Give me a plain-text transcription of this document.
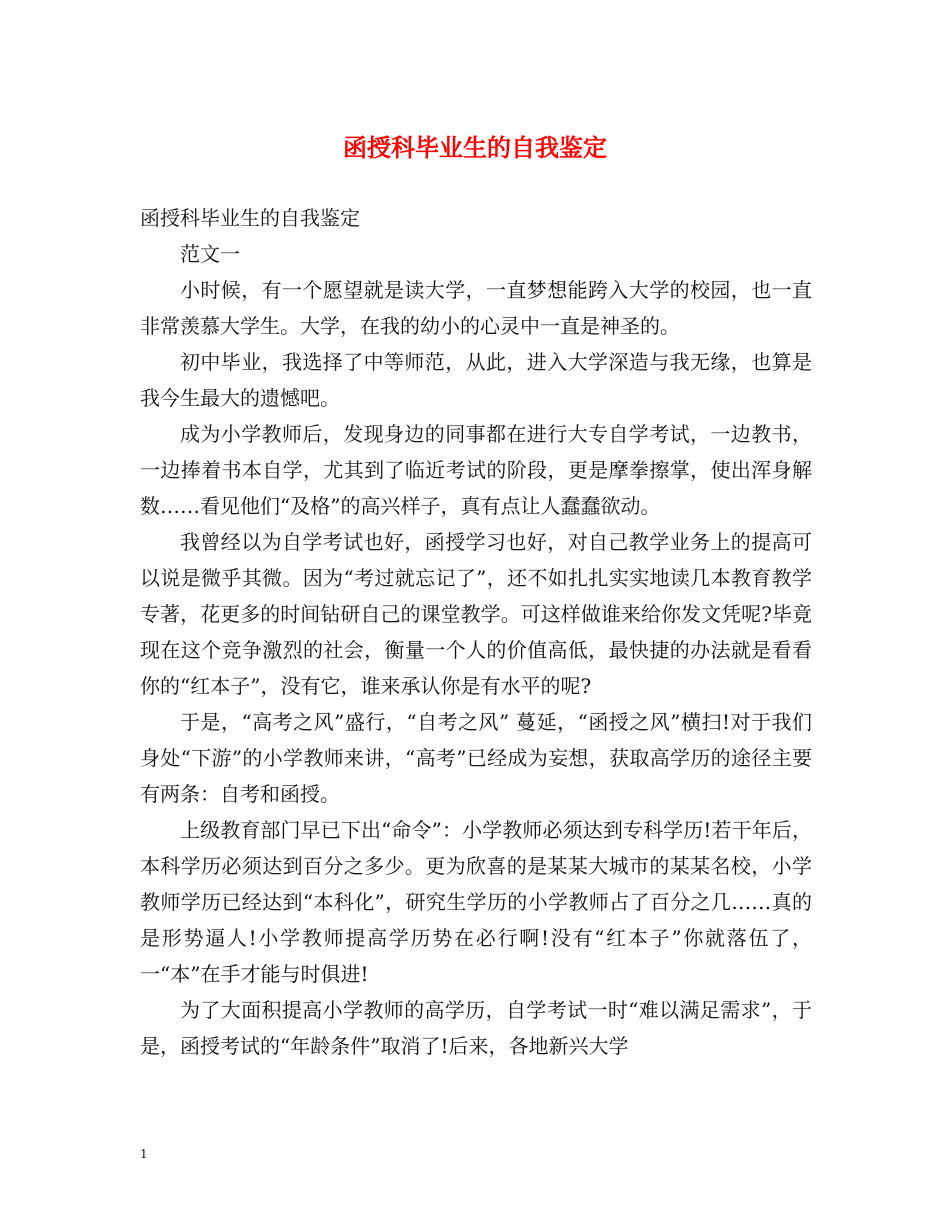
函授科毕业生的自我鉴定

函授科毕业生的自我鉴定

范文一

小时候，有一个愿望就是读大学，一直梦想能跨入大学的校园，也一直非常羡慕大学生。大学，在我的幼小的心灵中一直是神圣的。

初中毕业，我选择了中等师范，从此，进入大学深造与我无缘，也算是我今生最大的遗憾吧。

成为小学教师后，发现身边的同事都在进行大专自学考试，一边教书，一边捧着书本自学，尤其到了临近考试的阶段，更是摩拳擦掌，使出浑身解数……看见他们“及格”的高兴样子，真有点让人蠢蠢欲动。

我曾经以为自学考试也好，函授学习也好，对自己教学业务上的提高可以说是微乎其微。因为“考过就忘记了”，还不如扎扎实实地读几本教育教学专著，花更多的时间钻研自己的课堂教学。可这样做谁来给你发文凭呢?毕竟现在这个竞争激烈的社会，衡量一个人的价值高低，最快捷的办法就是看看你的“红本子”，没有它，谁来承认你是有水平的呢?

于是，“高考之风”盛行，“自考之风” 蔓延，“函授之风”横扫!对于我们身处“下游”的小学教师来讲，“高考”已经成为妄想，获取高学历的途径主要有两条：自考和函授。

上级教育部门早已下出“命令”：小学教师必须达到专科学历!若干年后，本科学历必须达到百分之多少。更为欣喜的是某某大城市的某某名校，小学教师学历已经达到“本科化”，研究生学历的小学教师占了百分之几……真的是形势逼人!小学教师提高学历势在必行啊!没有“红本子”你就落伍了，一“本”在手才能与时俱进!

为了大面积提高小学教师的高学历，自学考试一时“难以满足需求”，于是，函授考试的“年龄条件”取消了!后来，各地新兴大学

1
